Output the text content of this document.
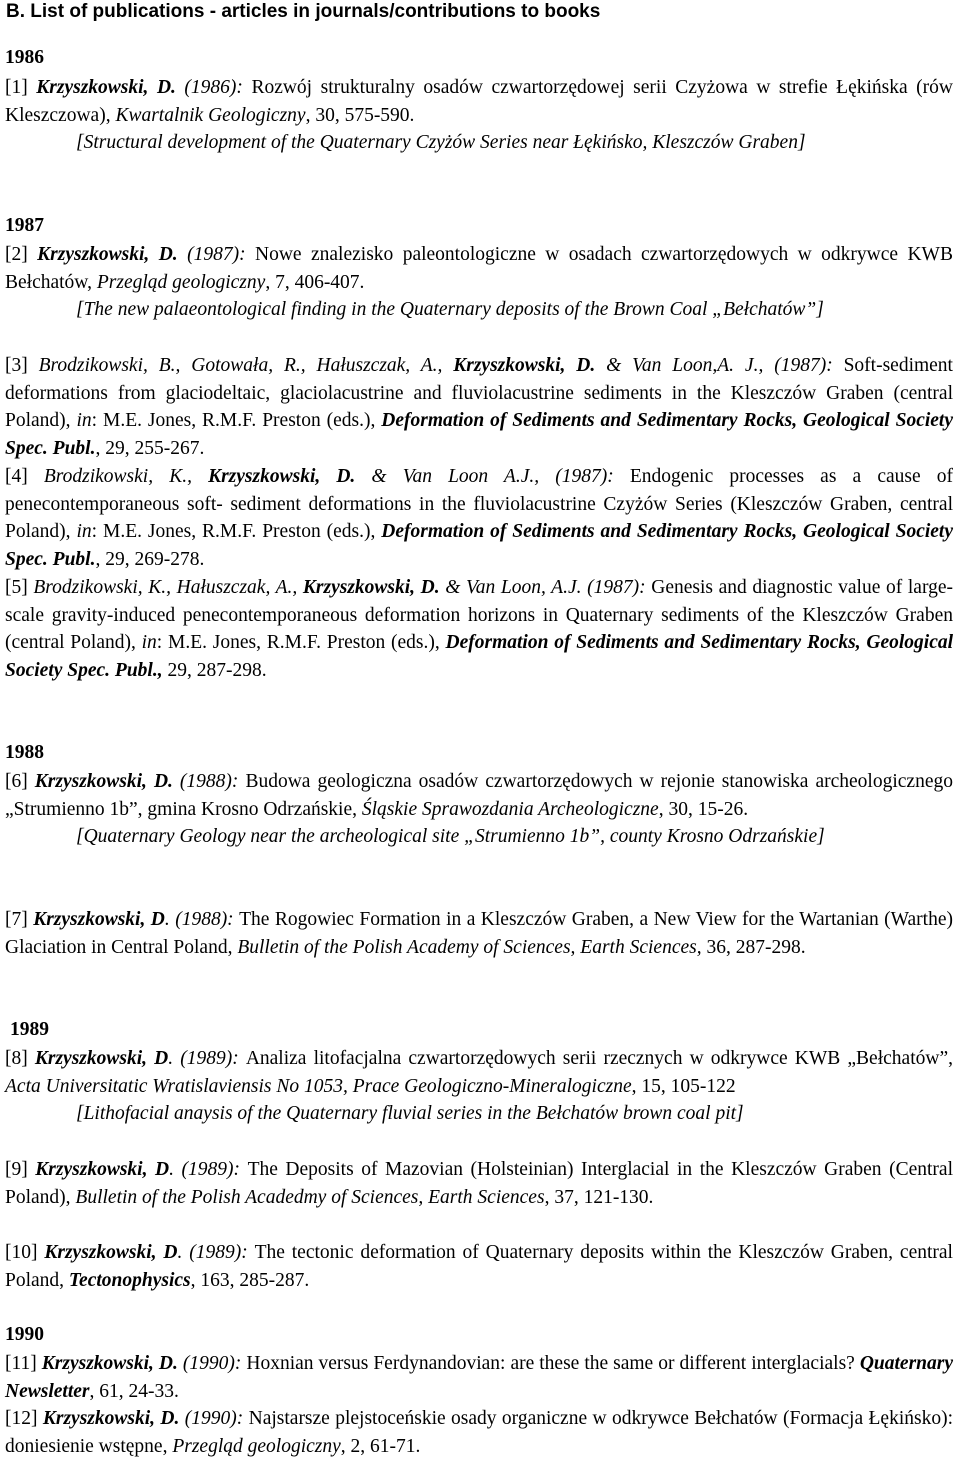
B. List of publications - articles in journals/contributions to books
1986

[1] Krzyszkowski, D. (1986): Rozwój strukturalny osadów czwartorzędowej serii Czyżowa w strefie Łękińska (rów Kleszczowa), Kwartalnik Geologiczny, 30, 575-590.
[Structural development of the Quaternary Czyżów Series near Łękińsko, Kleszczów Graben]

1987

[2] Krzyszkowski, D. (1987): Nowe znalezisko paleontologiczne w osadach czwartorzędowych w odkrywce KWB Bełchatów, Przegląd geologiczny, 7, 406-407.
[The new palaeontological finding in the Quaternary deposits of the Brown Coal „Bełchatów”]

[3] Brodzikowski, B., Gotowała, R., Hałuszczak, A., Krzyszkowski, D. & Van Loon,A. J., (1987): Soft-sediment deformations from glaciodeltaic, glaciolacustrine and fluviolacustrine sediments in the Kleszczów Graben (central Poland), in: M.E. Jones, R.M.F. Preston (eds.), Deformation of Sediments and Sedimentary Rocks, Geological Society Spec. Publ., 29, 255-267.

[4] Brodzikowski, K., Krzyszkowski, D. & Van Loon A.J., (1987): Endogenic processes as a cause of penecontemporaneous soft- sediment deformations in the fluviolacustrine Czyżów Series (Kleszczów Graben, central Poland), in: M.E. Jones, R.M.F. Preston (eds.), Deformation of Sediments and Sedimentary Rocks, Geological Society Spec. Publ., 29, 269-278.

[5] Brodzikowski, K., Hałuszczak, A., Krzyszkowski, D. & Van Loon, A.J. (1987): Genesis and diagnostic value of large-scale gravity-induced penecontemporaneous deformation horizons in Quaternary sediments of the Kleszczów Graben (central Poland), in: M.E. Jones, R.M.F. Preston (eds.), Deformation of Sediments and Sedimentary Rocks, Geological Society Spec. Publ., 29, 287-298.

1988

[6] Krzyszkowski, D. (1988): Budowa geologiczna osadów czwartorzędowych w rejonie stanowiska archeologicznego „Strumienno 1b”, gmina Krosno Odrzańskie, Śląskie Sprawozdania Archeologiczne, 30, 15-26.
[Quaternary Geology near the archeological site „Strumienno 1b”, county Krosno Odrzańskie]

[7] Krzyszkowski, D. (1988): The Rogowiec Formation in a Kleszczów Graben, a New View for the Wartanian (Warthe) Glaciation in Central Poland, Bulletin of the Polish Academy of Sciences, Earth Sciences, 36, 287-298.

1989

[8] Krzyszkowski, D. (1989): Analiza litofacjalna czwartorzędowych serii rzecznych w odkrywce KWB „Bełchatów”, Acta Universitatic Wratislaviensis No 1053, Prace Geologiczno-Mineralogiczne, 15, 105-122
[Lithofacial anaysis of the Quaternary fluvial series in the Bełchatów brown coal pit]

[9] Krzyszkowski, D. (1989): The Deposits of Mazovian (Holsteinian) Interglacial in the Kleszczów Graben (Central Poland), Bulletin of the Polish Acadedmy of Sciences, Earth Sciences, 37, 121-130.

[10] Krzyszkowski, D. (1989): The tectonic deformation of Quaternary deposits within the Kleszczów Graben, central Poland, Tectonophysics, 163, 285-287.

1990

[11] Krzyszkowski, D. (1990): Hoxnian versus Ferdynandovian: are these the same or different interglacials? Quaternary Newsletter, 61, 24-33.

[12] Krzyszkowski, D. (1990): Najstarsze plejstoceńskie osady organiczne w odkrywce Bełchatów (Formacja Łękińsko): doniesienie wstępne, Przegląd geologiczny, 2, 61-71.
